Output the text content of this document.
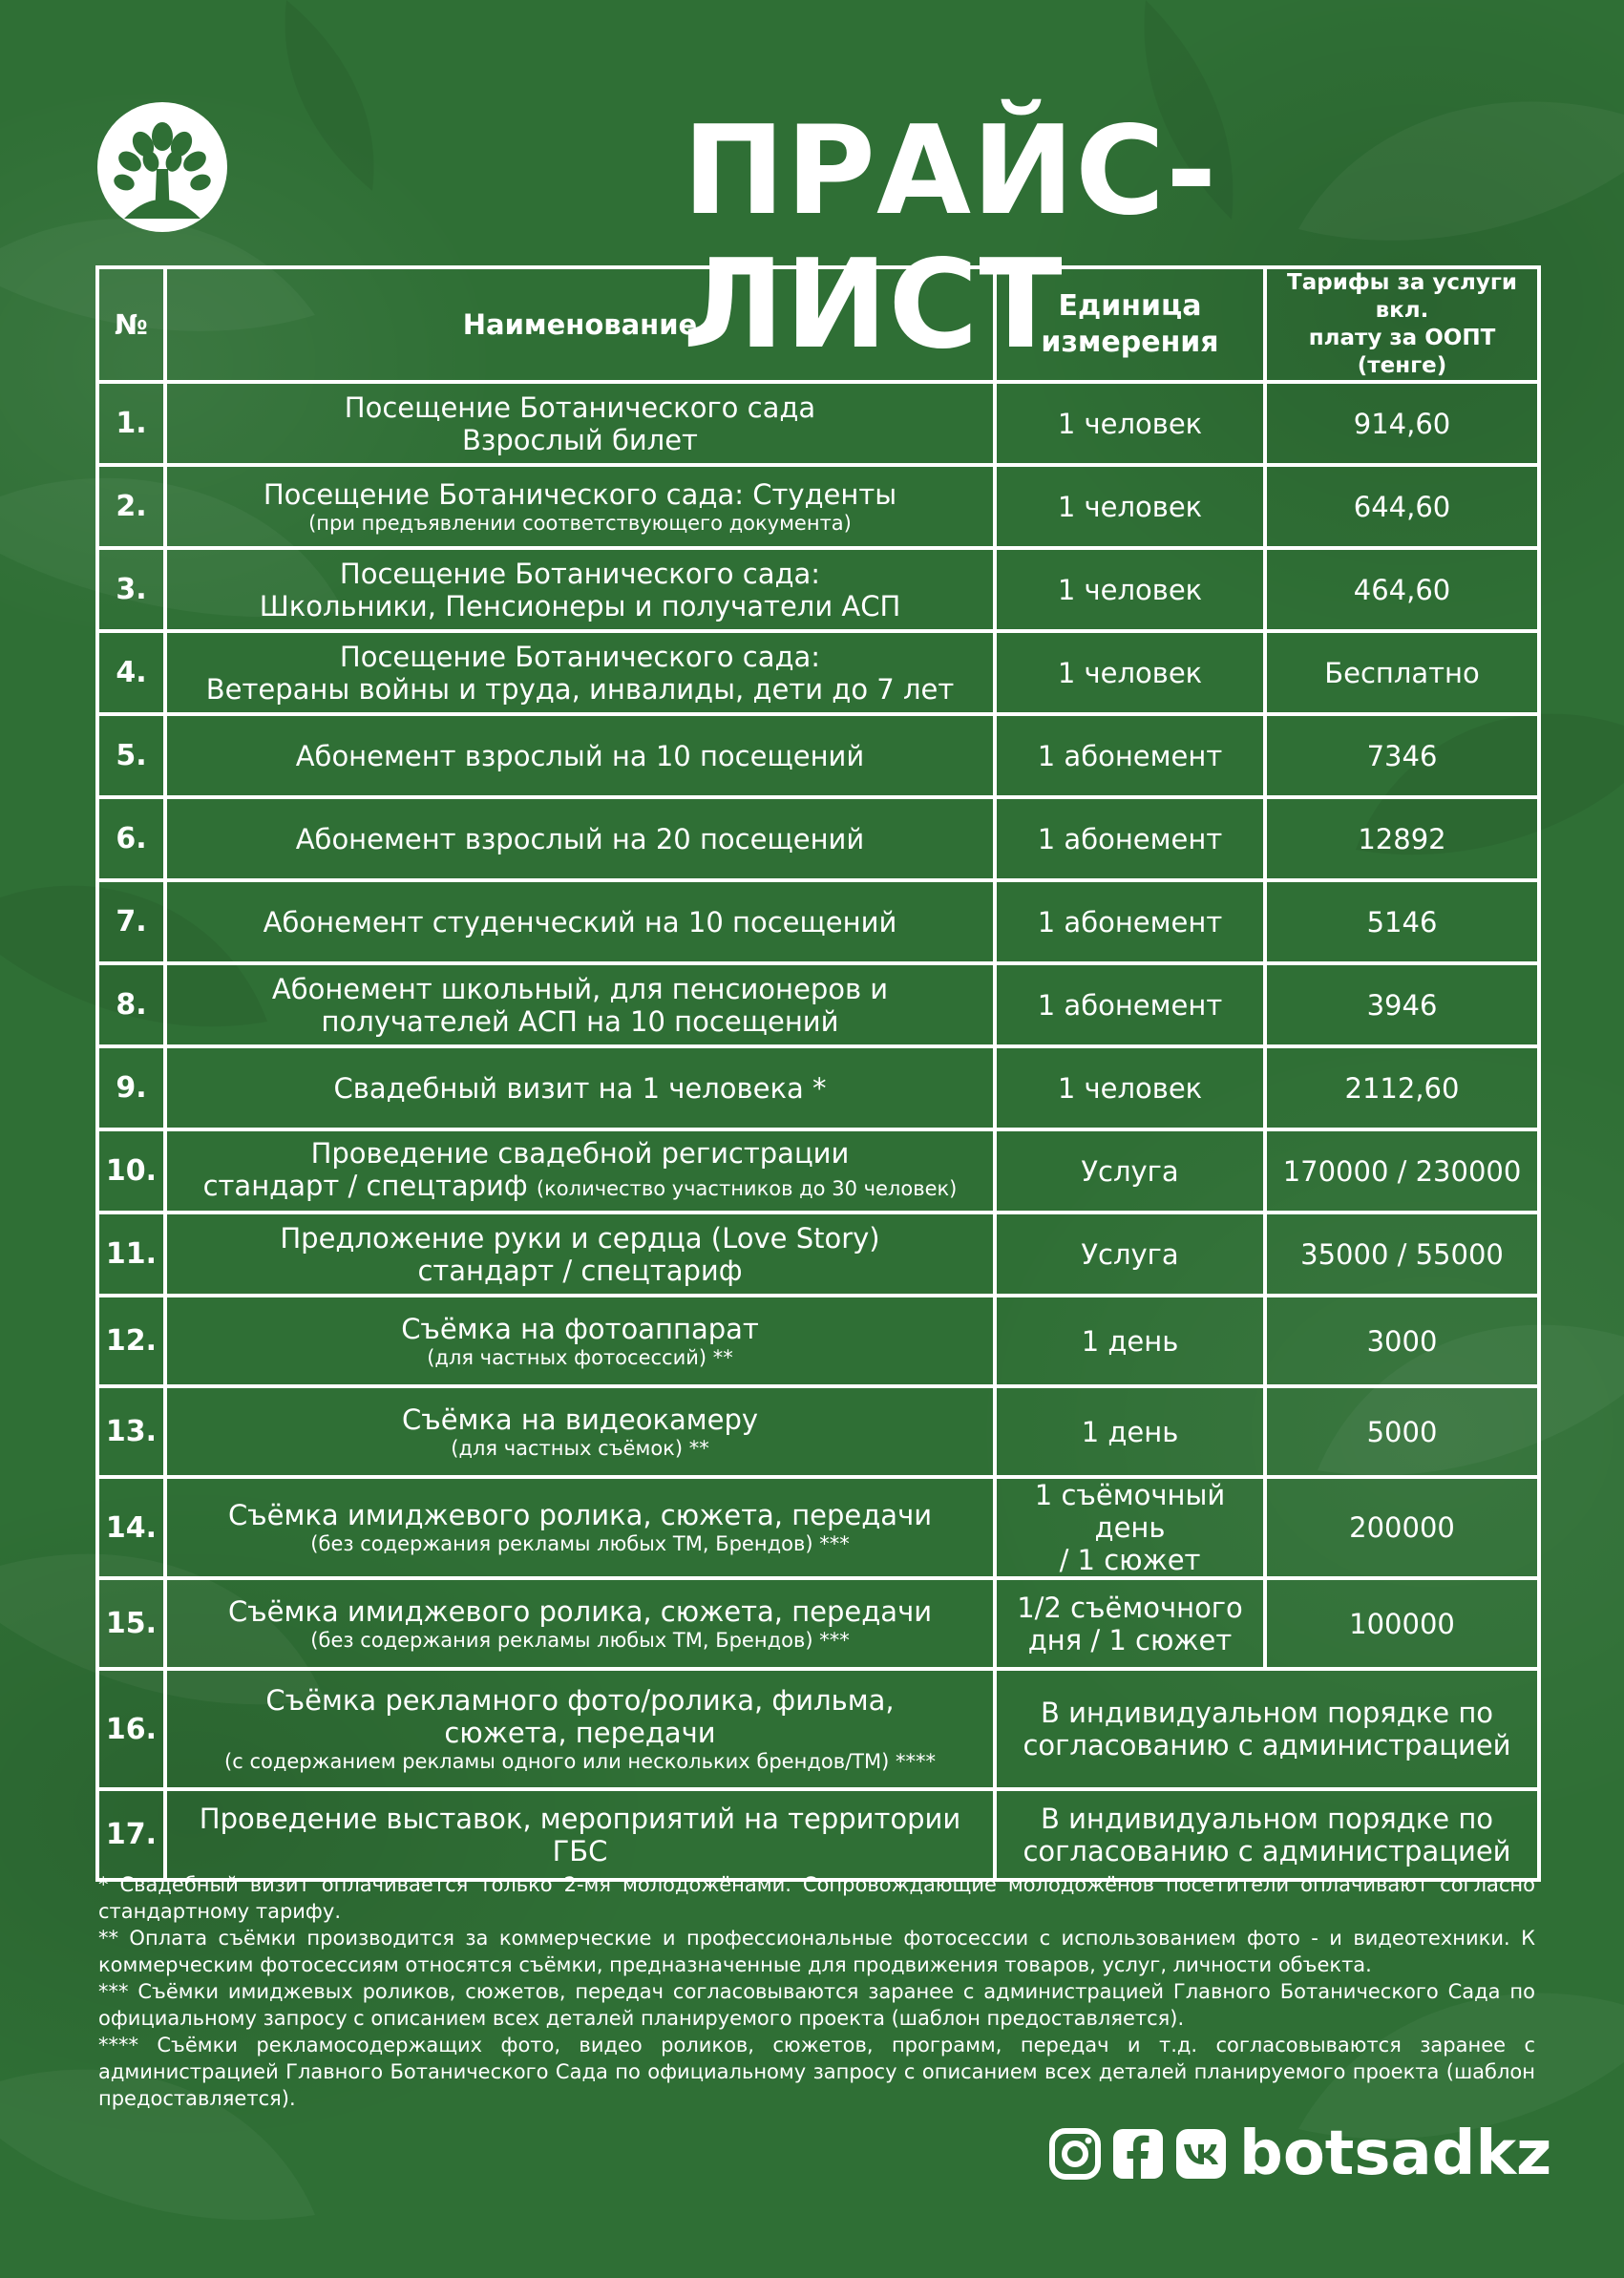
ПРАЙС-ЛИСТ
№	Наименование	Единица
измерения	Тарифы за услуги вкл.
плату за ООПТ (тенге)

1.	Посещение Ботанического сада
Взрослый билет	1 человек	914,60
2.	Посещение Ботанического сада: Студенты
(при предъявлении соответствующего документа)	1 человек	644,60
3.	Посещение Ботанического сада:
Школьники, Пенсионеры и получатели АСП	1 человек	464,60
4.	Посещение Ботанического сада:
Ветераны войны и труда, инвалиды, дети до 7 лет	1 человек	Бесплатно
5.	Абонемент взрослый на 10 посещений	1 абонемент	7346
6.	Абонемент взрослый на 20 посещений	1 абонемент	12892
7.	Абонемент студенческий на 10 посещений	1 абонемент	5146
8.	Абонемент школьный, для пенсионеров и
получателей АСП на 10 посещений	1 абонемент	3946
9.	Свадебный визит на 1 человека *	1 человек	2112,60
10.	Проведение свадебной регистрации
стандарт / спецтариф (количество участников до 30 человек)	Услуга	170000 / 230000
11.	Предложение руки и сердца (Love Story)
стандарт / спецтариф	Услуга	35000 / 55000
12.	Съёмка на фотоаппарат
(для частных фотосессий) **	1 день	3000
13.	Съёмка на видеокамеру
(для частных съёмок) **	1 день	5000
14.	Съёмка имиджевого ролика, сюжета, передачи
(без содержания рекламы любых ТМ, Брендов) ***	1 съёмочный день
/ 1 сюжет	200000
15.	Съёмка имиджевого ролика, сюжета, передачи
(без содержания рекламы любых ТМ, Брендов) ***	1/2 съёмочного
дня / 1 сюжет	100000
16.	Съёмка рекламного фото/ролика, фильма,
сюжета, передачи
(с содержанием рекламы одного или нескольких брендов/ТМ) ****	В индивидуальном порядке по
согласованию с администрацией	

17.	Проведение выставок, мероприятий на территории ГБС	В индивидуальном порядке по
согласованию с администрацией	

* Свадебный визит оплачивается только 2-мя молодожёнами. Сопровождающие молодожёнов посетители оплачивают согласно стандартному тарифу.

** Оплата съёмки производится за коммерческие и профессиональные фотосессии с использованием фото - и видеотехники. К коммерческим фотосессиям относятся съёмки, предназначенные для продвижения товаров, услуг, личности объекта.

*** Съёмки имиджевых роликов, сюжетов, передач согласовываются заранее с администрацией Главного Ботанического Сада по официальному запросу с описанием всех деталей планируемого проекта (шаблон предоставляется).

**** Съёмки рекламосодержащих фото, видео роликов, сюжетов, программ, передач и т.д. согласовываются заранее с администрацией Главного Ботанического Сада по официальному запросу с описанием всех деталей планируемого проекта (шаблон предоставляется).

botsadkz
